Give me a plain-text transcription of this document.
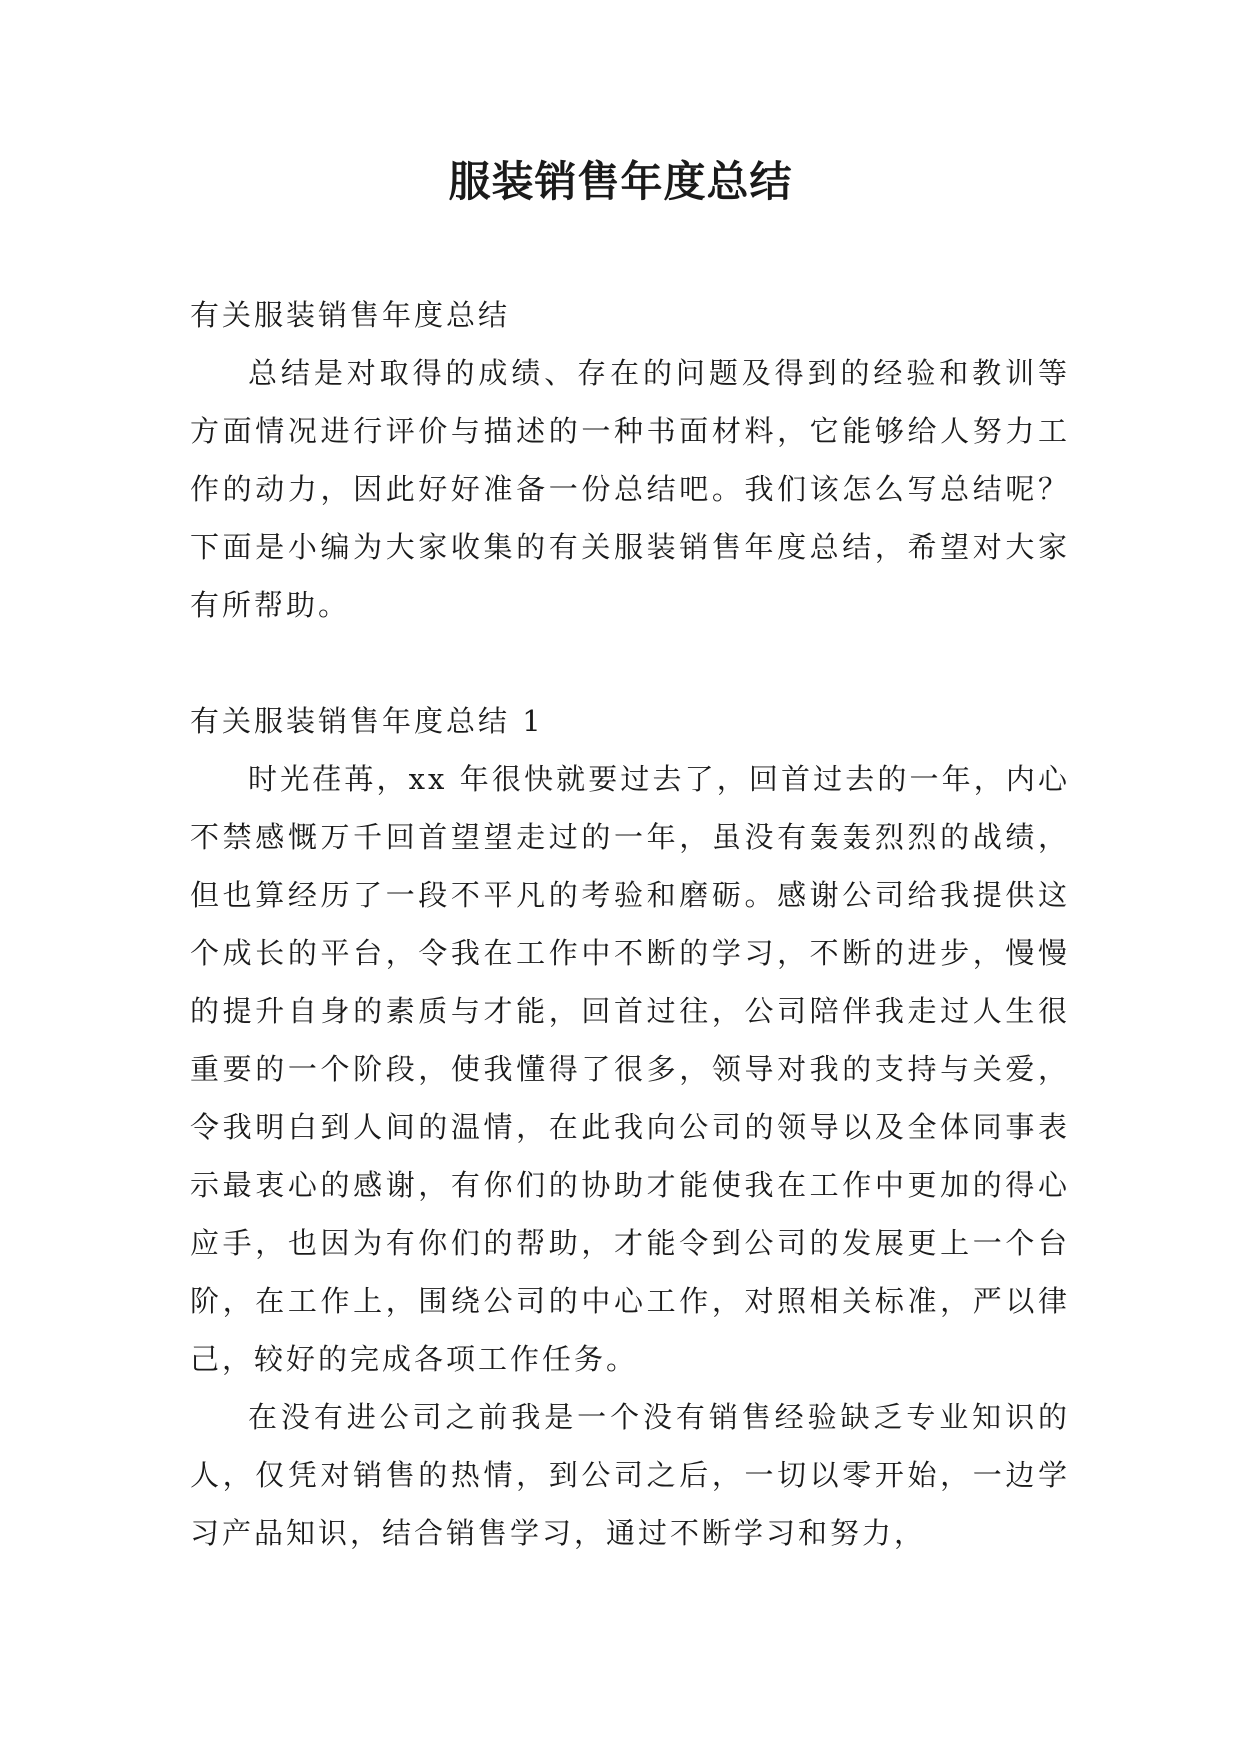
服装销售年度总结

有关服装销售年度总结

总结是对取得的成绩、存在的问题及得到的经验和教训等方面情况进行评价与描述的一种书面材料，它能够给人努力工作的动力，因此好好准备一份总结吧。我们该怎么写总结呢？下面是小编为大家收集的有关服装销售年度总结，希望对大家有所帮助。

有关服装销售年度总结 1

时光荏苒，xx 年很快就要过去了，回首过去的一年，内心不禁感慨万千回首望望走过的一年，虽没有轰轰烈烈的战绩，但也算经历了一段不平凡的考验和磨砺。感谢公司给我提供这个成长的平台，令我在工作中不断的学习，不断的进步，慢慢的提升自身的素质与才能，回首过往，公司陪伴我走过人生很重要的一个阶段，使我懂得了很多，领导对我的支持与关爱，令我明白到人间的温情，在此我向公司的领导以及全体同事表示最衷心的感谢，有你们的协助才能使我在工作中更加的得心应手，也因为有你们的帮助，才能令到公司的发展更上一个台阶，在工作上，围绕公司的中心工作，对照相关标准，严以律己，较好的完成各项工作任务。

在没有进公司之前我是一个没有销售经验缺乏专业知识的人，仅凭对销售的热情，到公司之后，一切以零开始，一边学习产品知识，结合销售学习，通过不断学习和努力，
